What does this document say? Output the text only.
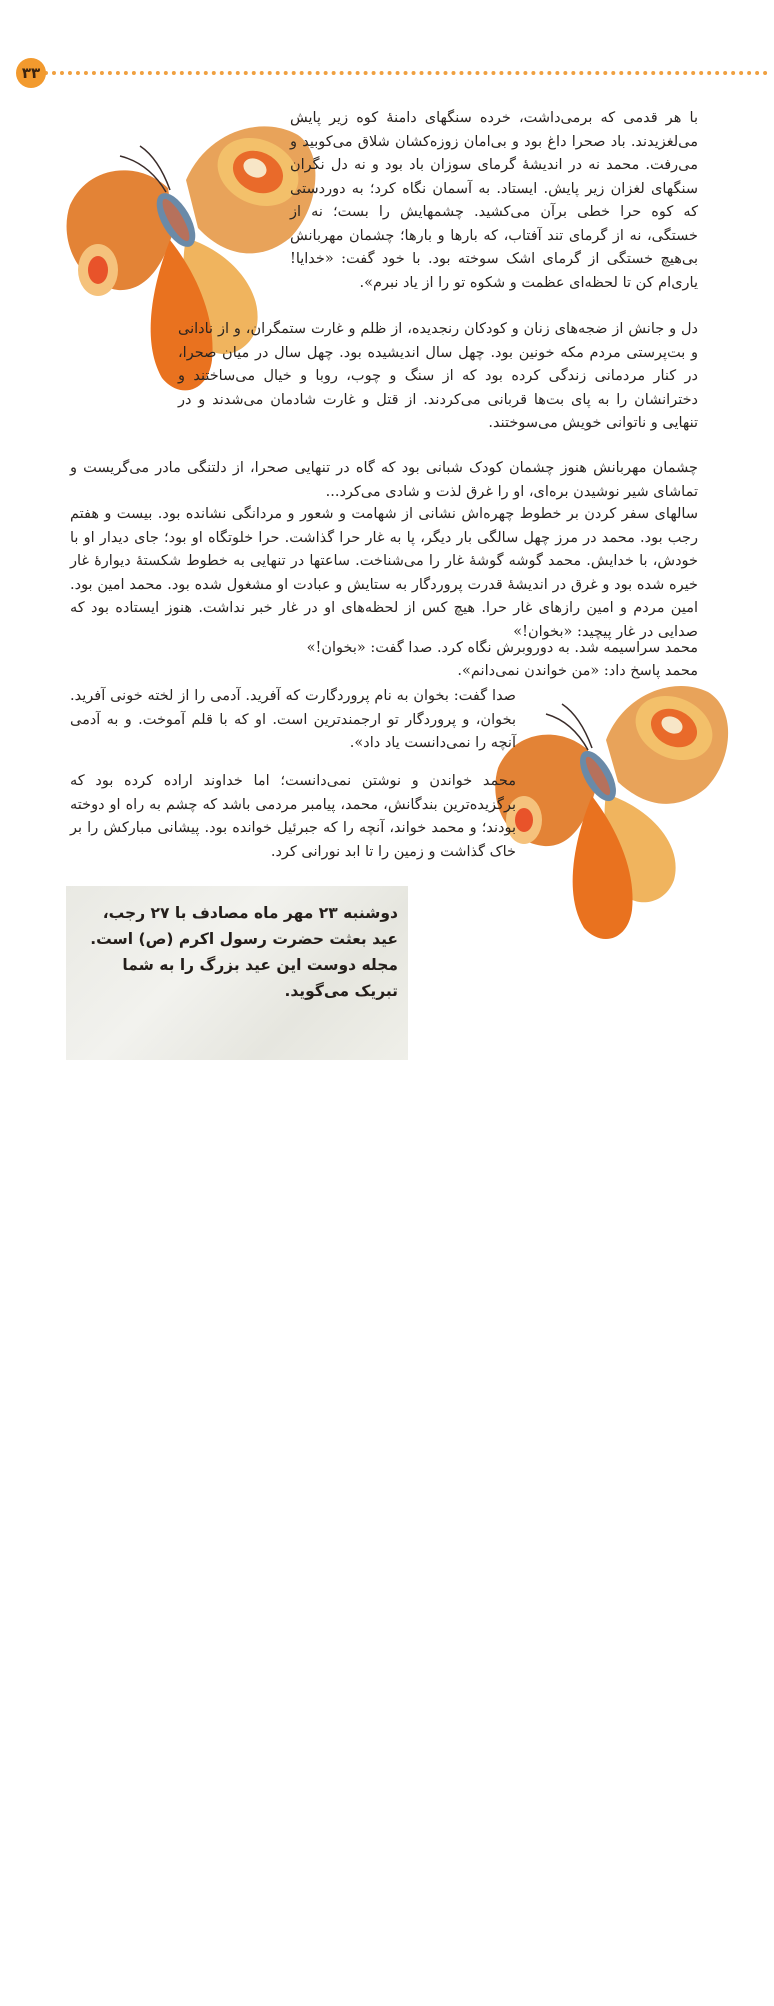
۳۳

با هر قدمی که برمی‌داشت، خرده سنگهای دامنهٔ کوه زیر پایش می‌لغزیدند. باد صحرا داغ بود و بی‌امان زوزه‌کشان شلاق می‌کوبید و می‌رفت. محمد نه در اندیشهٔ گرمای سوزان باد بود و نه دل نگران سنگهای لغزان زیر پایش. ایستاد. به آسمان نگاه کرد؛ به دوردستی که کوه حرا خطی برآن می‌کشید. چشمهایش را بست؛ نه از خستگی، نه از گرمای تند آفتاب، که بارها و بارها؛ چشمان مهربانش بی‌هیچ خستگی از گرمای اشک سوخته بود. با خود گفت: «خدایا! یاری‌ام کن تا لحظه‌ای عظمت و شکوه تو را از یاد نبرم».

دل و جانش از ضجه‌های زنان و کودکان رنجدیده، از ظلم و غارت ستمگران، و از نادانی و بت‌پرستی مردم مکه خونین بود. چهل سال اندیشیده بود. چهل سال در میان صحرا، در کنار مردمانی زندگی کرده بود که از سنگ و چوب، روبا و خیال می‌ساختند و دخترانشان را به پای بت‌ها قربانی می‌کردند. از قتل و غارت شادمان می‌شدند و در تنهایی و ناتوانی خویش می‌سوختند.

چشمان مهربانش هنوز چشمان کودک شبانی بود که گاه در تنهایی صحرا، از دلتنگی مادر می‌گریست و تماشای شیر نوشیدن بره‌ای، او را غرق لذت و شادی می‌کرد...

سالهای سفر کردن بر خطوط چهره‌اش نشانی از شهامت و شعور و مردانگی نشانده بود. بیست و هفتم رجب بود. محمد در مرز چهل سالگی بار دیگر، پا به غار حرا گذاشت. حرا خلوتگاه او بود؛ جای دیدار او با خودش، با خدایش. محمد گوشه گوشهٔ غار را می‌شناخت. ساعتها در تنهایی به خطوط شکستهٔ دیوارهٔ غار خیره شده بود و غرق در اندیشهٔ قدرت پروردگار به ستایش و عبادت او مشغول شده بود. محمد امین بود. امین مردم و امین رازهای غار حرا. هیچ کس از لحظه‌های او در غار خبر نداشت. هنوز ایستاده بود که صدایی در غار پیچید: «بخوان!»

محمد سراسیمه شد. به دوروبرش نگاه کرد. صدا گفت: «بخوان!»

محمد پاسخ داد: «من خواندن نمی‌دانم».

صدا گفت: بخوان به نام پروردگارت که آفرید. آدمی را از لخته خونی آفرید. بخوان، و پروردگار تو ارجمندترین است. او که با قلم آموخت. و به آدمی آنچه را نمی‌دانست یاد داد».

محمد خواندن و نوشتن نمی‌دانست؛ اما خداوند اراده کرده بود که برگزیده‌ترین بندگانش، محمد، پیامبر مردمی باشد که چشم به راه او دوخته بودند؛ و محمد خواند، آنچه را که جبرئیل خوانده بود. پیشانی مبارکش را بر خاک گذاشت و زمین را تا ابد نورانی کرد.

دوشنبه ۲۳ مهر ماه مصادف با ۲۷ رجب، عید بعثت حضرت رسول اکرم (ص) است. مجله دوست این عید بزرگ را به شما تبریک می‌گوید.
